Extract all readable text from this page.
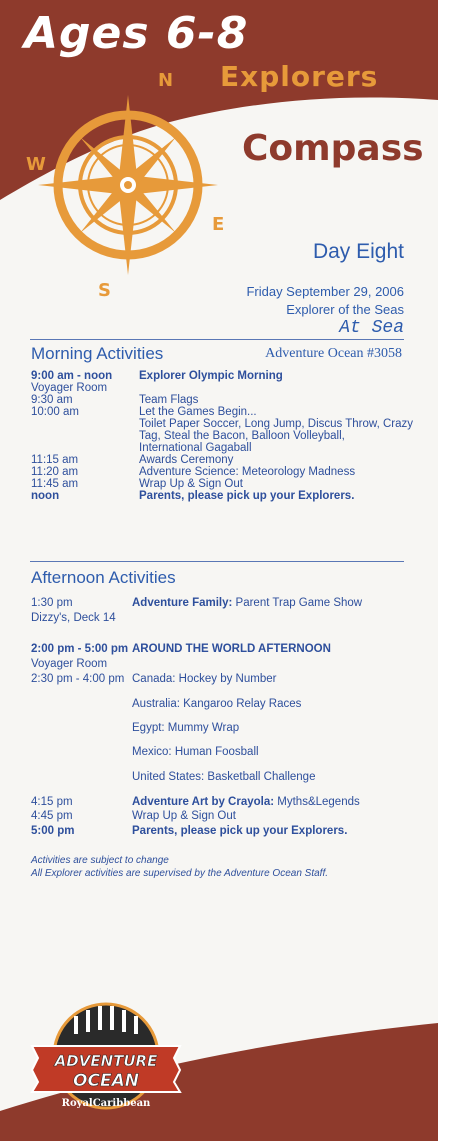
N
E
S
W
Ages 6-8
Explorers
Compass
Day Eight
Friday September 29, 2006
Explorer of the Seas
At Sea
Morning Activities	Adventure Ocean #3058
9:00 am - noon Explorer Olympic Morning
Voyager Room
9:30 am	Team Flags
10:00 am	Let the Games Begin...
Toilet Paper Soccer, Long Jump, Discus Throw, Crazy
Tag, Steal the Bacon, Balloon Volleyball,
International Gagaball
11:15 am	Awards Ceremony
11:20 am	Adventure Science: Meteorology Madness
11:45 am	Wrap Up & Sign Out
noon	Parents, please pick up your Explorers.
Afternoon Activities
1:30 pm	Adventure Family: Parent Trap Game Show
Dizzy's, Deck 14
2:00 pm - 5:00 pm AROUND THE WORLD AFTERNOON
Voyager Room
2:30 pm - 4:00 pm Canada: Hockey by Number
Australia: Kangaroo Relay Races
Egypt: Mummy Wrap
Mexico: Human Foosball
United States: Basketball Challenge
4:15 pm	Adventure Art by Crayola: Myths&Legends
4:45 pm	Wrap Up & Sign Out
5:00 pm	Parents, please pick up your Explorers.
Activities are subject to change
All Explorer activities are supervised by the Adventure Ocean Staff.
ADVENTURE
OCEAN
RoyalCaribbean
